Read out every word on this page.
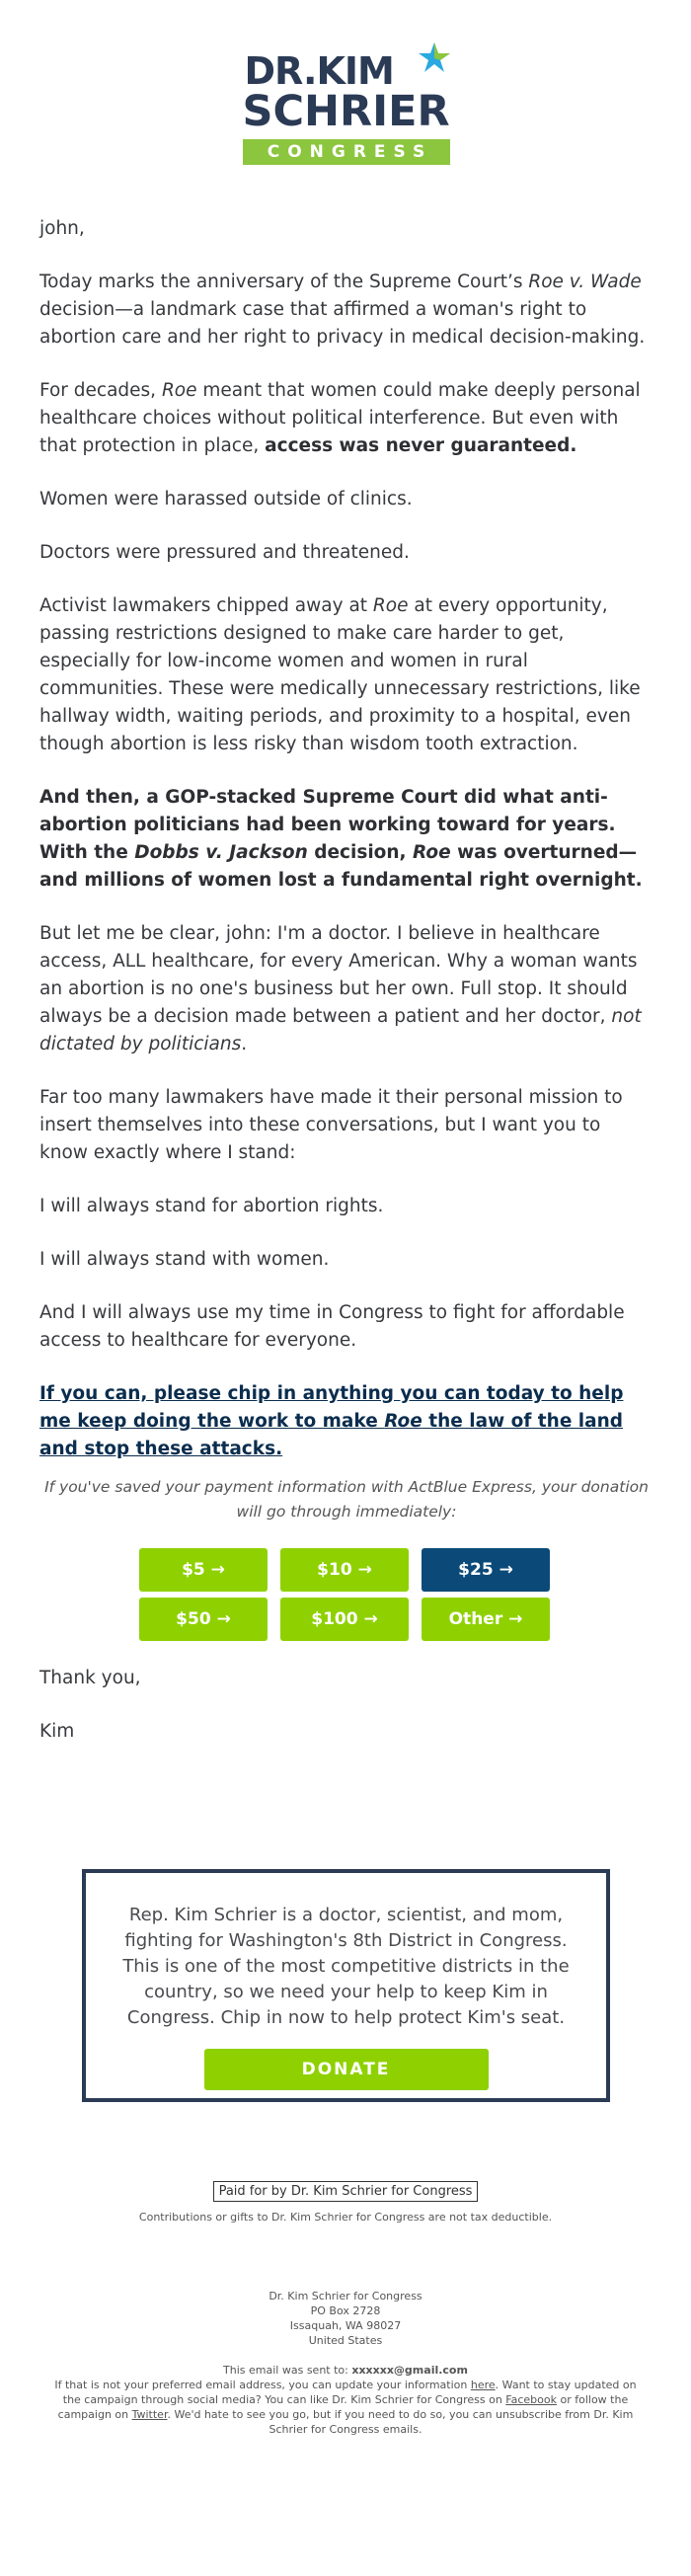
DR.KIM
SCHRIER
CONGRESS

john,

Today marks the anniversary of the Supreme Court’s Roe v. Wade decision—a landmark case that affirmed a woman's right to abortion care and her right to privacy in medical decision-making.

For decades, Roe meant that women could make deeply personal healthcare choices without political interference. But even with that protection in place, access was never guaranteed.

Women were harassed outside of clinics.

Doctors were pressured and threatened.

Activist lawmakers chipped away at Roe at every opportunity, passing restrictions designed to make care harder to get, especially for low-income women and women in rural communities. These were medically unnecessary restrictions, like hallway width, waiting periods, and proximity to a hospital, even though abortion is less risky than wisdom tooth extraction.

And then, a GOP-stacked Supreme Court did what anti-abortion politicians had been working toward for years. With the Dobbs v. Jackson decision, Roe was overturned—and millions of women lost a fundamental right overnight.

But let me be clear, john: I'm a doctor. I believe in healthcare access, ALL healthcare, for every American. Why a woman wants an abortion is no one's business but her own. Full stop. It should always be a decision made between a patient and her doctor, not dictated by politicians.

Far too many lawmakers have made it their personal mission to insert themselves into these conversations, but I want you to know exactly where I stand:

I will always stand for abortion rights.

I will always stand with women.

And I will always use my time in Congress to fight for affordable access to healthcare for everyone.

If you can, please chip in anything you can today to help me keep doing the work to make Roe the law of the land and stop these attacks.

If you've saved your payment information with ActBlue Express, your donation will go through immediately:

$5 →	$10 →	$25 →
$50 →	$100 →	Other →

Thank you,

Kim

Rep. Kim Schrier is a doctor, scientist, and mom, fighting for Washington's 8th District in Congress. This is one of the most competitive districts in the country, so we need your help to keep Kim in Congress. Chip in now to help protect Kim's seat.

DONATE
Paid for by Dr. Kim Schrier for Congress
Contributions or gifts to Dr. Kim Schrier for Congress are not tax deductible.
Dr. Kim Schrier for Congress
PO Box 2728
Issaquah, WA 98027
United States
This email was sent to: xxxxxx@gmail.com
If that is not your preferred email address, you can update your information here. Want to stay updated on the campaign through social media? You can like Dr. Kim Schrier for Congress on Facebook or follow the campaign on Twitter. We'd hate to see you go, but if you need to do so, you can unsubscribe from Dr. Kim Schrier for Congress emails.
